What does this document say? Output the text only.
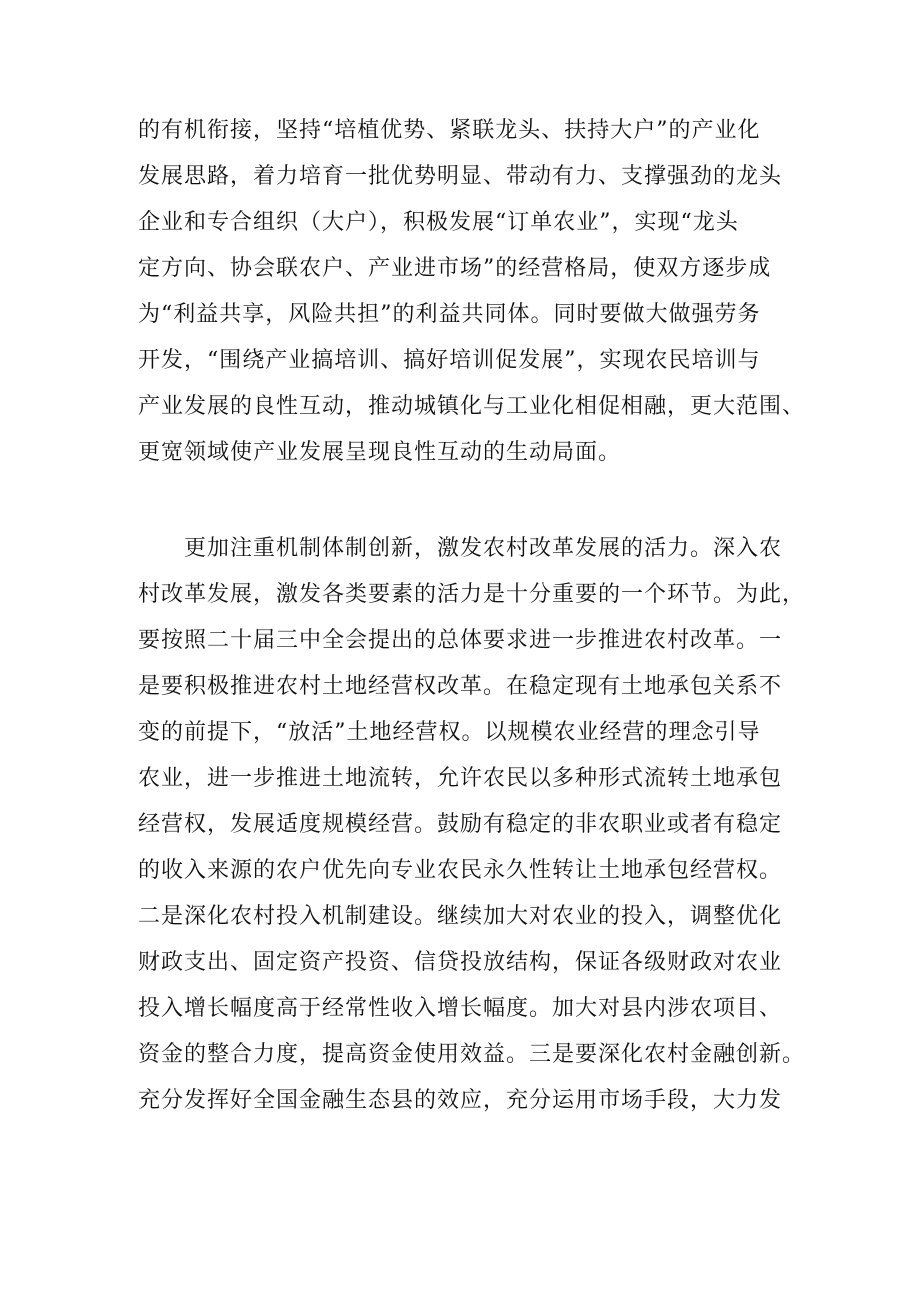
的有机衔接，坚持“培植优势、紧联龙头、扶持大户”的产业化
发展思路，着力培育一批优势明显、带动有力、支撑强劲的龙头
企业和专合组织（大户），积极发展“订单农业”，实现“龙头
定方向、协会联农户、产业进市场”的经营格局，使双方逐步成
为“利益共享，风险共担”的利益共同体。同时要做大做强劳务
开发，“围绕产业搞培训、搞好培训促发展”，实现农民培训与
产业发展的良性互动，推动城镇化与工业化相促相融，更大范围、
更宽领域使产业发展呈现良性互动的生动局面。
更加注重机制体制创新，激发农村改革发展的活力。深入农
村改革发展，激发各类要素的活力是十分重要的一个环节。为此，
要按照二十届三中全会提出的总体要求进一步推进农村改革。一
是要积极推进农村土地经营权改革。在稳定现有土地承包关系不
变的前提下，“放活”土地经营权。以规模农业经营的理念引导
农业，进一步推进土地流转，允许农民以多种形式流转土地承包
经营权，发展适度规模经营。鼓励有稳定的非农职业或者有稳定
的收入来源的农户优先向专业农民永久性转让土地承包经营权。
二是深化农村投入机制建设。继续加大对农业的投入，调整优化
财政支出、固定资产投资、信贷投放结构，保证各级财政对农业
投入增长幅度高于经常性收入增长幅度。加大对县内涉农项目、
资金的整合力度，提高资金使用效益。三是要深化农村金融创新。
充分发挥好全国金融生态县的效应，充分运用市场手段，大力发
